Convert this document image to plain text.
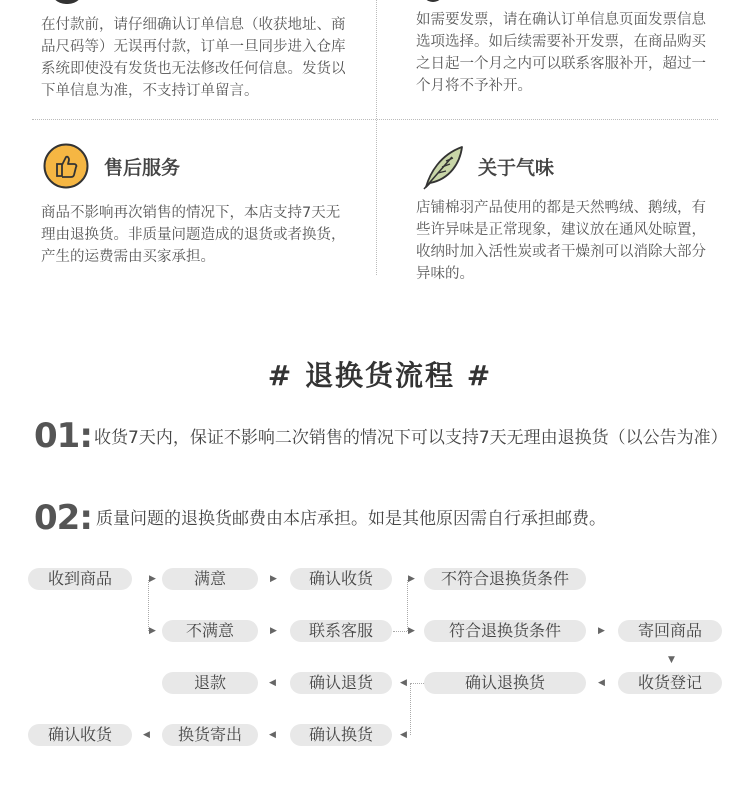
在付款前，请仔细确认订单信息（收获地址、商品尺码等）无误再付款，订单一旦同步进入仓库系统即使没有发货也无法修改任何信息。发货以下单信息为准，不支持订单留言。
如需要发票，请在确认订单信息页面发票信息选项选择。如后续需要补开发票，在商品购买之日起一个月之内可以联系客服补开，超过一个月将不予补开。
售后服务
商品不影响再次销售的情况下，本店支持7天无理由退换货。非质量问题造成的退货或者换货，产生的运费需由买家承担。
关于气味
店铺棉羽产品使用的都是天然鸭绒、鹅绒，有些许异味是正常现象，建议放在通风处晾置，收纳时加入活性炭或者干燥剂可以消除大部分异味的。
# 退换货流程 #
01: 收货7天内，保证不影响二次销售的情况下可以支持7天无理由退换货（以公告为准）
02: 质量问题的退换货邮费由本店承担。如是其他原因需自行承担邮费。
收到商品	▶	满意	▶	确认收货	▶	不符合退换货条件
▶	不满意	▶	联系客服	▶	符合退换货条件	▶	寄回商品
▼
退款	◀	确认退货	◀	确认退换货	◀	收货登记
确认收货	◀	换货寄出	◀	确认换货	◀
